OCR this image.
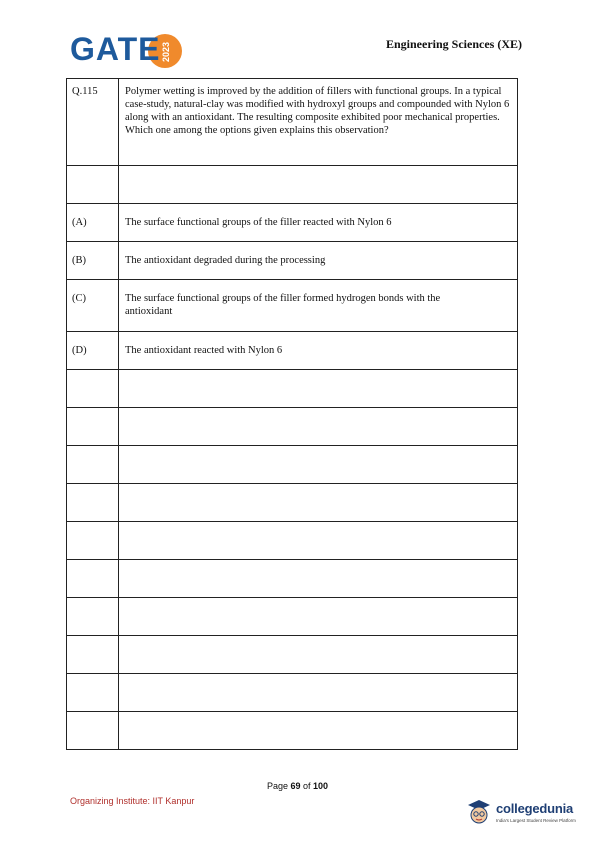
GATE 2023	Engineering Sciences (XE)
Q.115	Polymer wetting is improved by the addition of fillers with functional groups. In a typical case-study, natural-clay was modified with hydroxyl groups and compounded with Nylon 6 along with an antioxidant. The resulting composite exhibited poor mechanical properties. Which one among the options given explains this observation?

(A)	The surface functional groups of the filler reacted with Nylon 6
(B)	The antioxidant degraded during the processing
(C)	The surface functional groups of the filler formed hydrogen bonds with the antioxidant
(D)	The antioxidant reacted with Nylon 6

Page 69 of 100
Organizing Institute: IIT Kanpur	collegedunia
India's Largest Student Review Platform
